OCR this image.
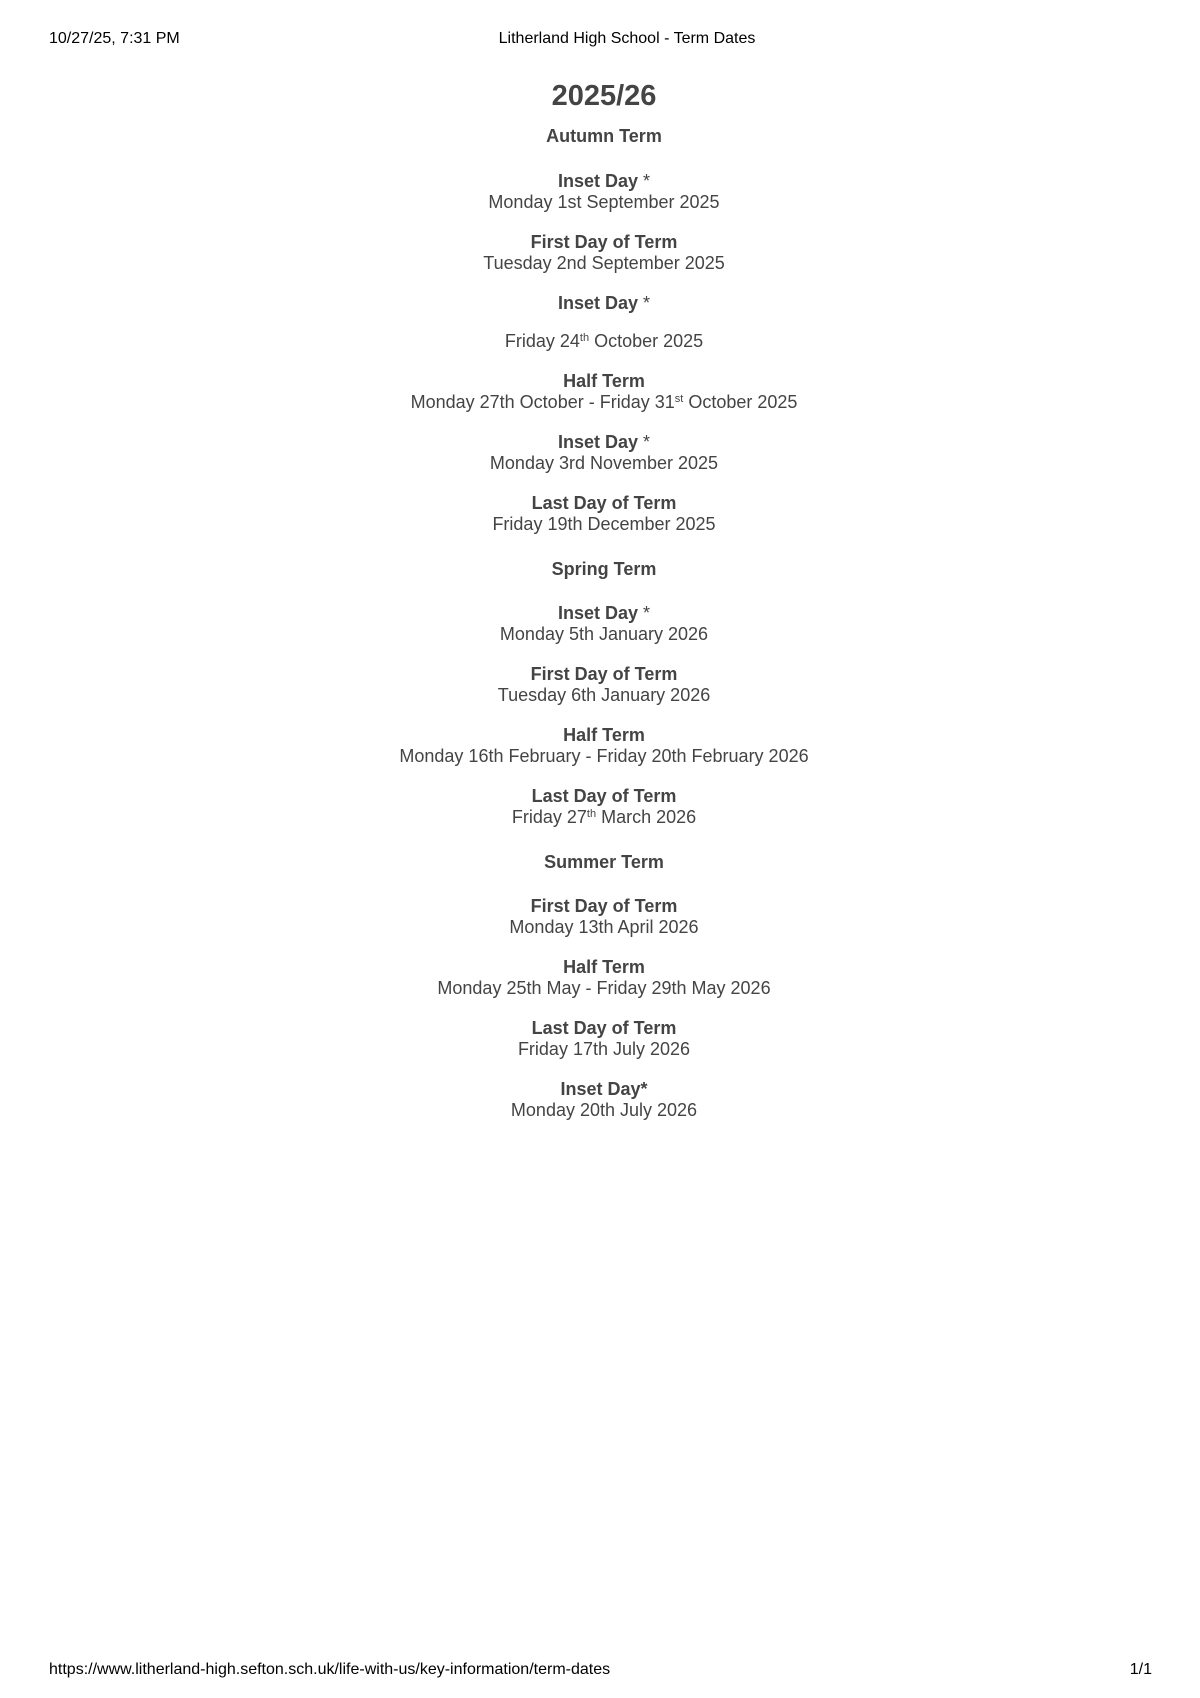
10/27/25, 7:31 PM	Litherland High School - Term Dates
2025/26
Autumn Term
Inset Day *
Monday 1st September 2025
First Day of Term
Tuesday 2nd September 2025
Inset Day *
Friday 24th October 2025
Half Term
Monday 27th October - Friday 31st October 2025
Inset Day *
Monday 3rd November 2025
Last Day of Term
Friday 19th December 2025
Spring Term
Inset Day *
Monday 5th January 2026
First Day of Term
Tuesday 6th January 2026
Half Term
Monday 16th February - Friday 20th February 2026
Last Day of Term
Friday 27th March 2026
Summer Term
First Day of Term
Monday 13th April 2026
Half Term
Monday 25th May - Friday 29th May 2026
Last Day of Term
Friday 17th July 2026
Inset Day*
Monday 20th July 2026
https://www.litherland-high.sefton.sch.uk/life-with-us/key-information/term-dates	1/1
